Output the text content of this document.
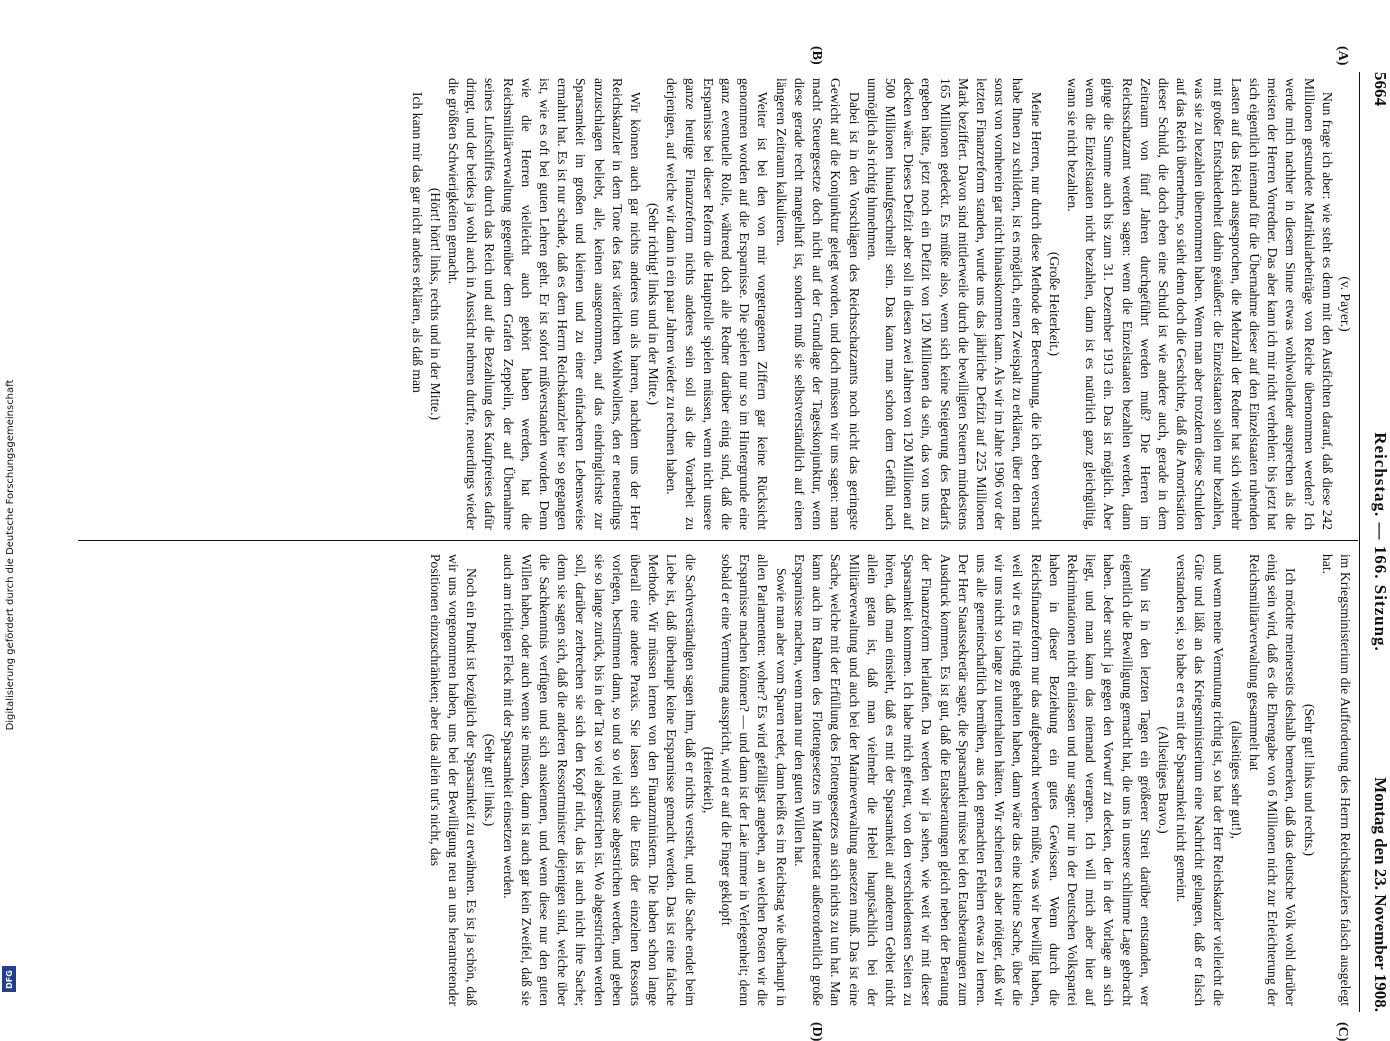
Digitalisierung gefördert durch die Deutsche Forschungsgemeinschaft
DFG
5664
Reichstag. — 166. Sitzung.
Montag den 23. November 1908.
(A)
(B)
(C)
(D)

(v. Payer.)

Nun frage ich aber: wie steht es denn mit den Ausfichten darauf, daß diese 242 Millionen gestundete Matrikularbeiträge von Reiche übernommen werden? Ich werde mich nachher in diesem Sinne etwas wohlwollender ausprechen als die meisten der Herren Vorredner. Das aber kann ich mir nicht verhehlen: bis jetzt hat sich eigentlich niemand für die Übernahme dieser auf den Einzelstaaten ruhenden Lasten auf das Reich ausgesprochen, die Mehrzahl der Redner hat sich vielmehr mit großer Entschiedenheit dahin geäußert: die Einzelstaaten sollen nur bezahlen, was sie zu bezahlen übernommen haben. Wenn man aber trotzdem diese Schulden auf das Reich übernehme, so sieht denn doch die Geschichte, daß die Amortisation dieser Schuld, die doch eben eine Schuld ist wie andere auch, gerade in dem Zeitraum von fünf Jahren durchgeführt werden muß? Die Herren im Reichsschatzamt werden sagen: wenn die Einzelstaaten bezahlen werden, dann ginge die Summe auch bis zum 31. Dezember 1913 ein. Das ist möglich. Aber wenn die Einzelstaaten nicht bezahlen, dann ist es natürlich ganz gleichgültig, wann sie nicht bezahlen.

(Große Heiterkeit.)

Meine Herren, nur durch diese Methode der Berechnung, die ich eben versucht habe Ihnen zu schildern, ist es möglich, einen Zweispalt zu erklären, über den man sonst von vornherein gar nicht hinauskommen kann. Als wir im Jahre 1906 vor der letzten Finanzreform standen, wurde uns das jährliche Defizit auf 225 Millionen Mark beziffert. Davon sind mittlerweile durch die bewilligten Steuern mindestens 165 Millionen gedeckt. Es müßte also, wenn sich keine Steigerung des Bedarfs ergeben hätte, jetzt noch ein Defizit von 120 Millionen da sein, das von uns zu decken wäre. Dieses Defizit aber soll in diesen zwei Jahren von 120 Millionen auf 500 Millionen hinaufgeschnellt sein. Das kann man schon dem Gefühl nach unmöglich als richtig hinnehmen.

Dabei ist in den Vorschlägen des Reichsschatzamts noch nicht das geringste Gewicht auf die Konjunktur gelegt worden, und doch müssen wir uns sagen: man macht Steuergesetze doch nicht auf der Grundlage der Tageskonjunktur, wenn diese gerade recht mangelhaft ist, sondern muß sie selbstverständlich auf einen längeren Zeitraum kalkulieren.

Weiter ist bei den von mir vorgetragenen Ziffern gar keine Rücksicht genommen worden auf die Ersparnisse. Die spielen nur so im Hintergrunde eine ganz eventuelle Rolle, während doch alle Redner darüber einig sind, daß die Ersparnisse bei dieser Reform die Hauptrolle spielen müssen, wenn nicht unsere ganze heutige Finanzreform nichts anderes sein soll als die Vorarbeit zu derjenigen, auf welche wir dann in ein paar Jahren wieder zu rechnen haben.

(Sehr richtig! links und in der Mitte.)

Wir können auch gar nichts anderes tun als harren, nachdem uns der Herr Reichskanzler in dem Tone des fast väterlichen Wohlwollens, den er neuerdings anzuschlagen beliebt, alle, keinen ausgenommen, auf das eindringlichste zur Sparsamkeit im großen und kleinen und zu einer einfacheren Lebensweise ermahnt hat. Es ist nur schade, daß es dem Herrn Reichskanzler hier so gegangen ist, wie es oft bei guten Lehren geht. Er ist sofort mißverstanden worden. Denn wie die Herren vielleicht auch gehört haben werden, hat die Reichsmilitärverwaltung gegenüber dem Grafen Zeppelin, der auf Übernahme seines Luftschiffes durch das Reich und auf die Bezahlung des Kaufpreises dafür dringt, und der beides ja wohl auch in Aussicht nehmen durfte, neuerdings wieder die größten Schwierigkeiten gemacht.

(Hört! hört! links, rechts und in der Mitte.)

Ich kann mir das gar nicht anders erklären, als daß man

im Kriegsministerium die Aufforderung des Herrn Reichskanzlers falsch ausgelegt hat.

(Sehr gut! links und rechts.)

Ich möchte meinerseits deshalb bemerken, daß das deutsche Volk wohl darüber einig sein wird, daß es die Ehrengabe von 6 Millionen nicht zur Erleichterung der Reichsmilitärverwaltung gesammelt hat

(allseitiges sehr gut!),

und wenn meine Vermutung richtig ist, so hat der Herr Reichskanzler vielleicht die Güte und läßt an das Kriegsministerium eine Nachricht gelangen, daß er falsch verstanden sei, so habe er es mit der Sparsamkeit nicht gemeint.

(Allseitiges Bravo.)

Nun ist in den letzten Tagen ein größerer Streit darüber entstanden, wer eigentlich die Bewilligung gemacht hat, die uns in unsere schlimme Lage gebracht haben. Jeder sucht ja gegen den Vorwurf zu decken, der in der Vorlage an sich liegt, und man kann das niemand verargen. Ich will mich aber hier auf Rekriminationen nicht einlassen und nur sagen: nur in der Deutschen Volkspartei haben in dieser Beziehung ein gutes Gewissen. Wenn durch die Reichsfinanzreform nur das aufgebracht werden müßte, was wir bewilligt haben, weil wir es für richtig gehalten haben, dann wäre das eine kleine Sache, über die wir uns nicht so lange zu unterhalten hätten. Wir scheinen es aber nötiger, daß wir uns alle gemeinschaftlich bemühen, aus den gemachten Fehlern etwas zu lernen. Der Herr Staatssekretär sagte, die Sparsamkeit müsse bei den Etatsberatungen zum Ausdruck kommen. Es ist gut, daß die Etatsberatungen gleich neben der Beratung der Finanzreform herlaufen. Da werden wir ja sehen, wie weit wir mit dieser Sparsamkeit kommen. Ich habe mich gefreut, von den verschiedensten Seiten zu hören, daß man einsieht, daß es mit der Sparsamkeit auf anderem Gebiet nicht allein getan ist, daß man vielmehr die Hebel hauptsächlich bei der Militärverwaltung und auch bei der Marineverwaltung ansetzen muß. Das ist eine Sache, welche mit der Erfüllung des Flottengesetzes an sich nichts zu tun hat. Man kann auch im Rahmen des Flottengesetzes im Marineetat außerordentlich große Ersparnisse machen, wenn man nur den guten Willen hat.

Sowie man aber vom Sparen redet, dann heißt es im Reichstag wie überhaupt in allen Parlamenten: woher? Es wird gefälligst angeben, an welchen Posten wir die Ersparnisse machen können? — und dann ist der Laie immer in Verlegenheit; denn sobald er eine Vermutung ausspricht, wird er auf die Finger geklopft

(Heiterkeit),

die Sachverständigen sagen ihm, daß er nichts versteht, und die Sache endet beim Liebe ist, daß überhaupt keine Ersparnisse gemacht werden. Das ist eine falsche Methode. Wir müssen lernen von den Finanzministern. Die haben schon lange überall eine andere Praxis. Sie lassen sich die Etats der einzelnen Ressorts vorlegen, bestimmen dann, so und so viel müsse abgestrichen werden, und geben sie so lange zurück, bis in der Tat so viel abgestrichen ist. Wo abgestrichen werden soll, darüber zerbrechen sie sich den Kopf nicht, das ist auch nicht ihre Sache; denn sie sagen sich, daß die anderen Ressortminister diejenigen sind, welche über die Sachkenntnis verfügen und sich auskennen, und wenn diese nur den guten Willen haben, oder auch wenn sie müssen, dann ist auch gar kein Zweifel, daß sie auch am richtigen Fleck mit der Sparsamkeit einsetzen werden.

(Sehr gut! links.)

Noch ein Punkt ist bezüglich der Sparsamkeit zu erwähnen. Es ist ja schön, daß wir uns vorgenommen haben, uns bei der Bewilligung neu an uns herantretender Positionen einzuschränken; aber das allein tut's nicht, das
